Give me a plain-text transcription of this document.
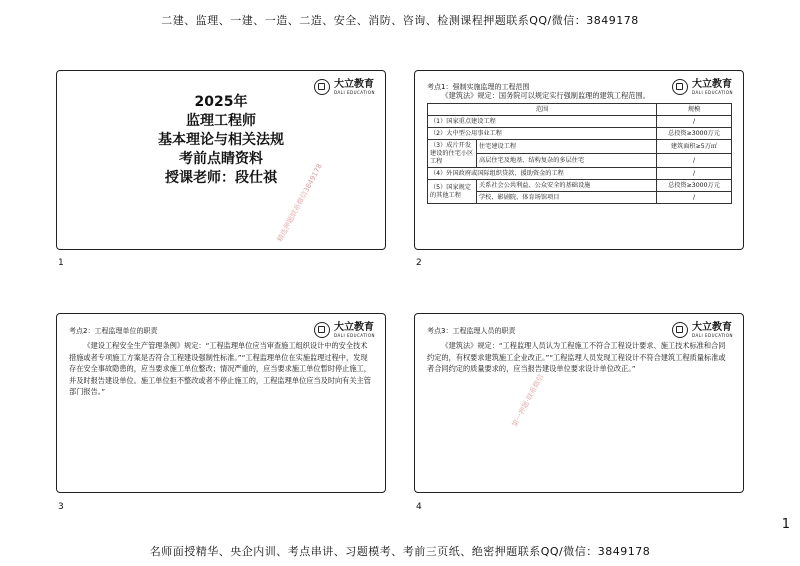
二建、监理、一建、一造、二造、安全、消防、咨询、检测课程押题联系QQ/微信：3849178
大立教育
DALI EDUCATION
2025年
监理工程师
基本理论与相关法规
考前点睛资料
授课老师：段仕祺
精选押题联系微信3849178
1
大立教育
DALI EDUCATION
考点1：强制实施监理的工程范围

《建筑法》规定：国务院可以规定实行强制监理的建筑工程范围。

范围		规模
（1）国家重点建设工程		/
（2）大中型公用事业工程		总投资≥3000万元
（3）成片开发建设的住宅小区工程	住宅建设工程	建筑面积≥5万㎡
	高层住宅及地基、结构复杂的多层住宅	/
（4）外国政府或国际组织贷款、援助资金的工程		/
（5）国家规定的其他工程	关系社会公共利益、公众安全的基础设施	总投资≥3000万元
	学校、影剧院、体育场馆项目	/
2
大立教育
DALI EDUCATION
考点2：工程监理单位的职责

《建设工程安全生产管理条例》规定：“工程监理单位应当审查施工组织设计中的安全技术措施或者专项施工方案是否符合工程建设强制性标准。”“工程监理单位在实施监理过程中，发现存在安全事故隐患的，应当要求施工单位整改；情况严重的，应当要求施工单位暂时停止施工，并及时报告建设单位。施工单位拒不整改或者不停止施工的，工程监理单位应当及时向有关主管部门报告。”

3
大立教育
DALI EDUCATION
考点3：工程监理人员的职责

《建筑法》规定：“工程监理人员认为工程施工不符合工程设计要求、施工技术标准和合同约定的，有权要求建筑施工企业改正。”“工程监理人员发现工程设计不符合建筑工程质量标准或者合同约定的质量要求的，应当报告建设单位要求设计单位改正。”

第一押题·联系微信
4
1
名师面授精华、央企内训、考点串讲、习题模考、考前三页纸、绝密押题联系QQ/微信：3849178
